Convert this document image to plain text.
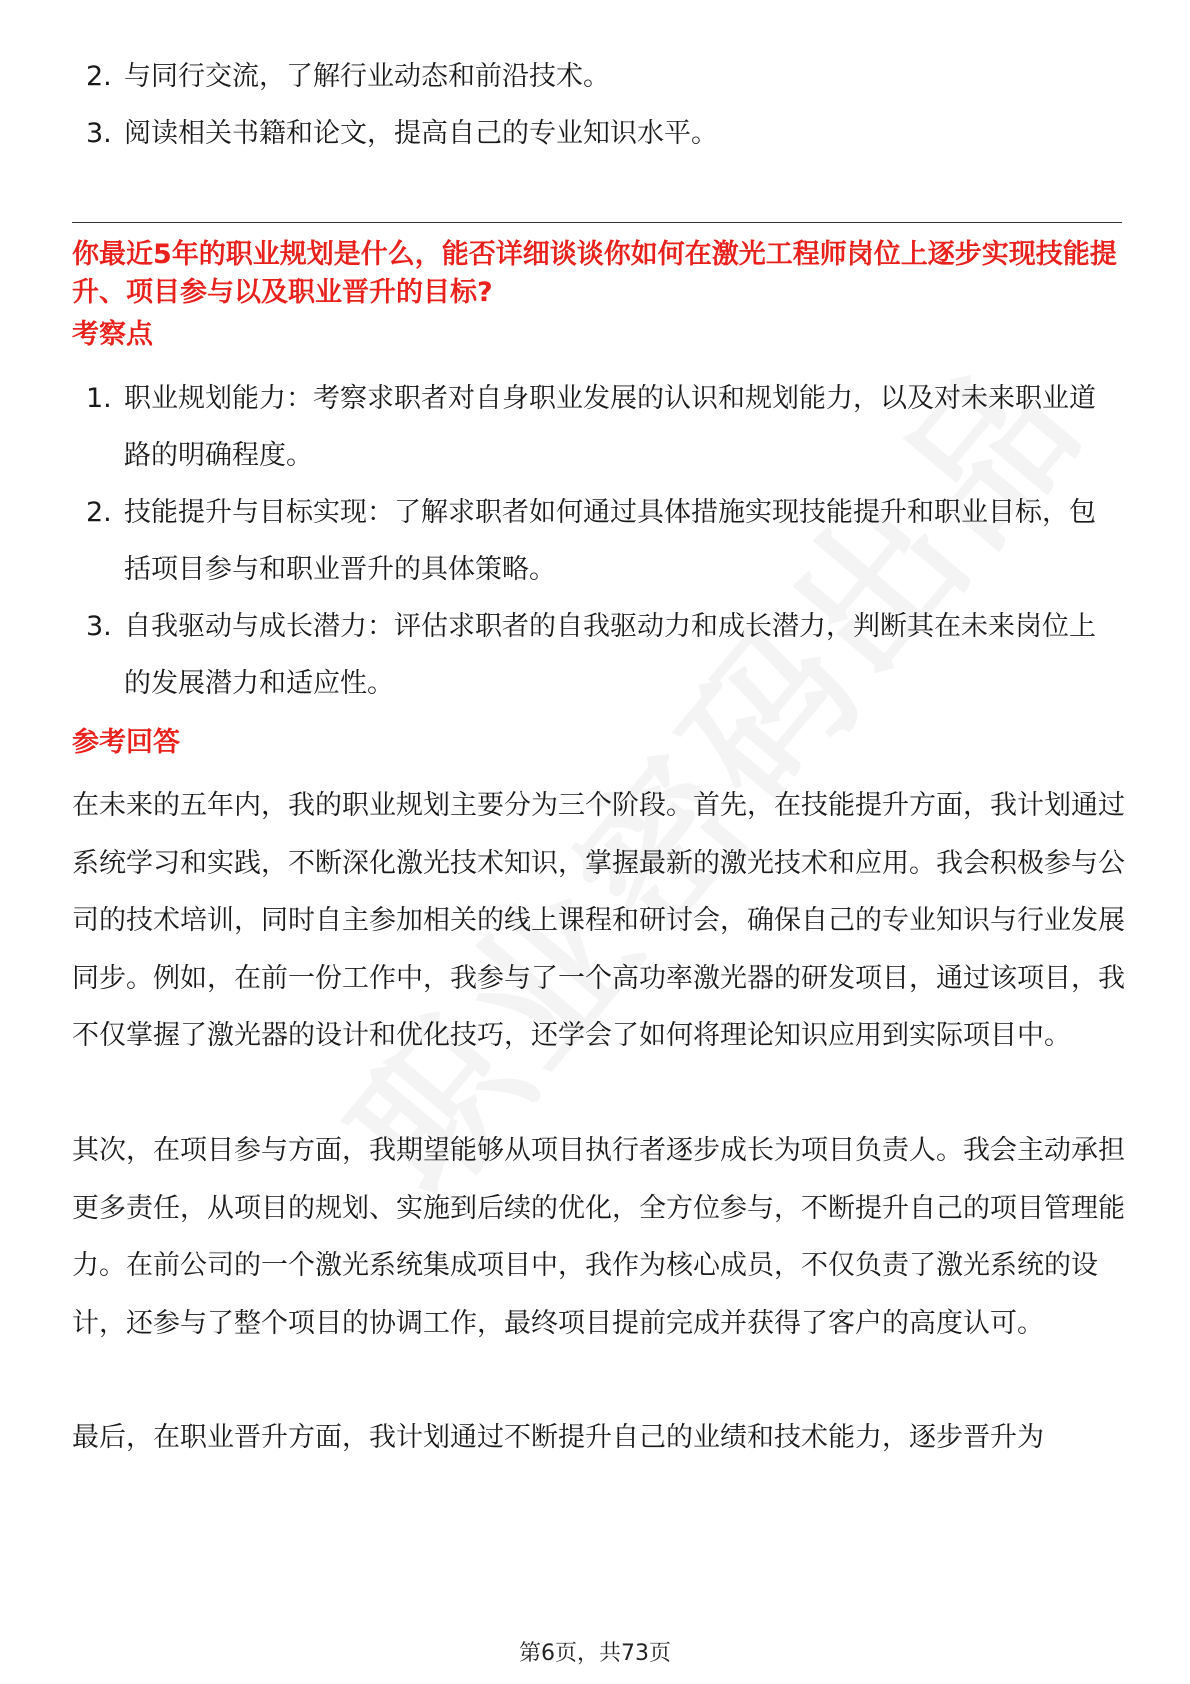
2. 与同行交流，了解行业动态和前沿技术。
3. 阅读相关书籍和论文，提高自己的专业知识水平。
你最近5年的职业规划是什么，能否详细谈谈你如何在激光工程师岗位上逐步实现技能提升、项目参与以及职业晋升的目标?
考察点
1. 职业规划能力：考察求职者对自身职业发展的认识和规划能力，以及对未来职业道路的明确程度。
2. 技能提升与目标实现：了解求职者如何通过具体措施实现技能提升和职业目标，包括项目参与和职业晋升的具体策略。
3. 自我驱动与成长潜力：评估求职者的自我驱动力和成长潜力，判断其在未来岗位上的发展潜力和适应性。
参考回答

在未来的五年内，我的职业规划主要分为三个阶段。首先，在技能提升方面，我计划通过系统学习和实践，不断深化激光技术知识，掌握最新的激光技术和应用。我会积极参与公司的技术培训，同时自主参加相关的线上课程和研讨会，确保自己的专业知识与行业发展同步。例如，在前一份工作中，我参与了一个高功率激光器的研发项目，通过该项目，我不仅掌握了激光器的设计和优化技巧，还学会了如何将理论知识应用到实际项目中。

其次，在项目参与方面，我期望能够从项目执行者逐步成长为项目负责人。我会主动承担更多责任，从项目的规划、实施到后续的优化，全方位参与，不断提升自己的项目管理能力。在前公司的一个激光系统集成项目中，我作为核心成员，不仅负责了激光系统的设计，还参与了整个项目的协调工作，最终项目提前完成并获得了客户的高度认可。

最后，在职业晋升方面，我计划通过不断提升自己的业绩和技术能力，逐步晋升为

第6页，共73页
